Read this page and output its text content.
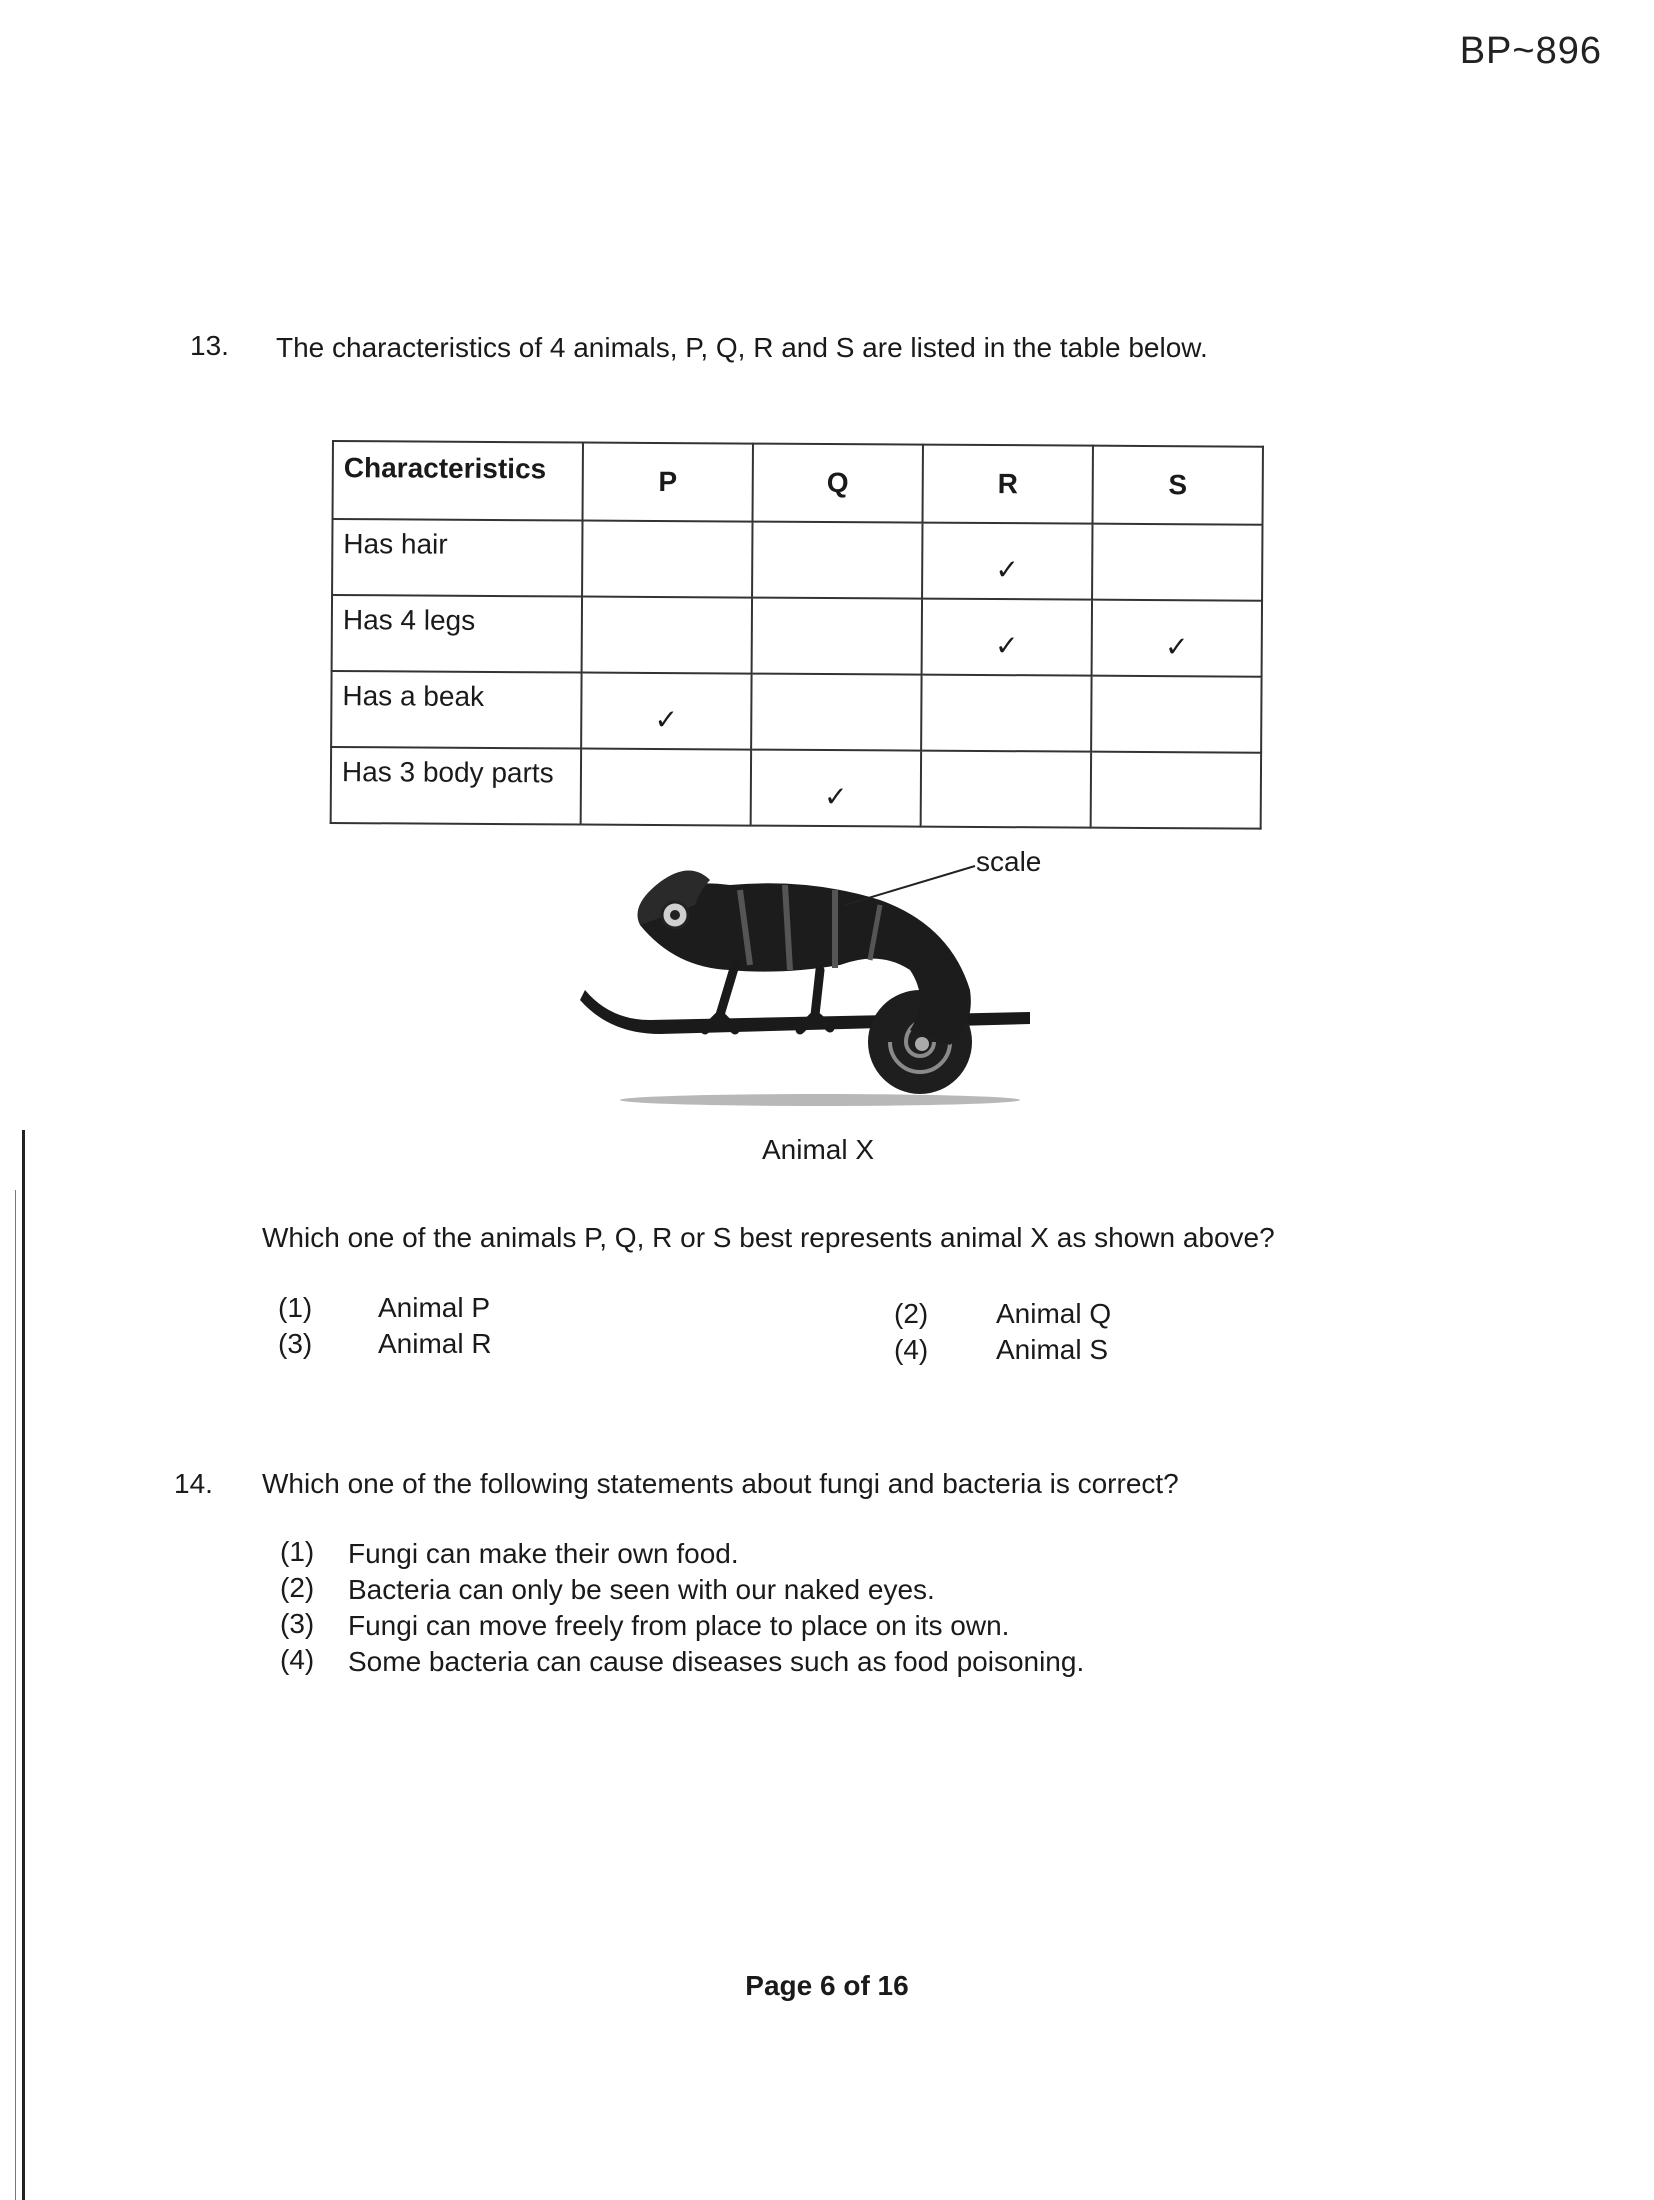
BP~896
13. The characteristics of 4 animals, P, Q, R and S are listed in the table below.
Characteristics	P	Q	R	S
Has hair			✓	
Has 4 legs			✓	✓
Has a beak	✓			
Has 3 body parts		✓		
scale
Animal X
Which one of the animals P, Q, R or S best represents animal X as shown above?
(1) Animal P	(2) Animal Q
(3) Animal R	(4) Animal S
14. Which one of the following statements about fungi and bacteria is correct?
(1) Fungi can make their own food.
(2) Bacteria can only be seen with our naked eyes.
(3) Fungi can move freely from place to place on its own.
(4) Some bacteria can cause diseases such as food poisoning.
Page 6 of 16
